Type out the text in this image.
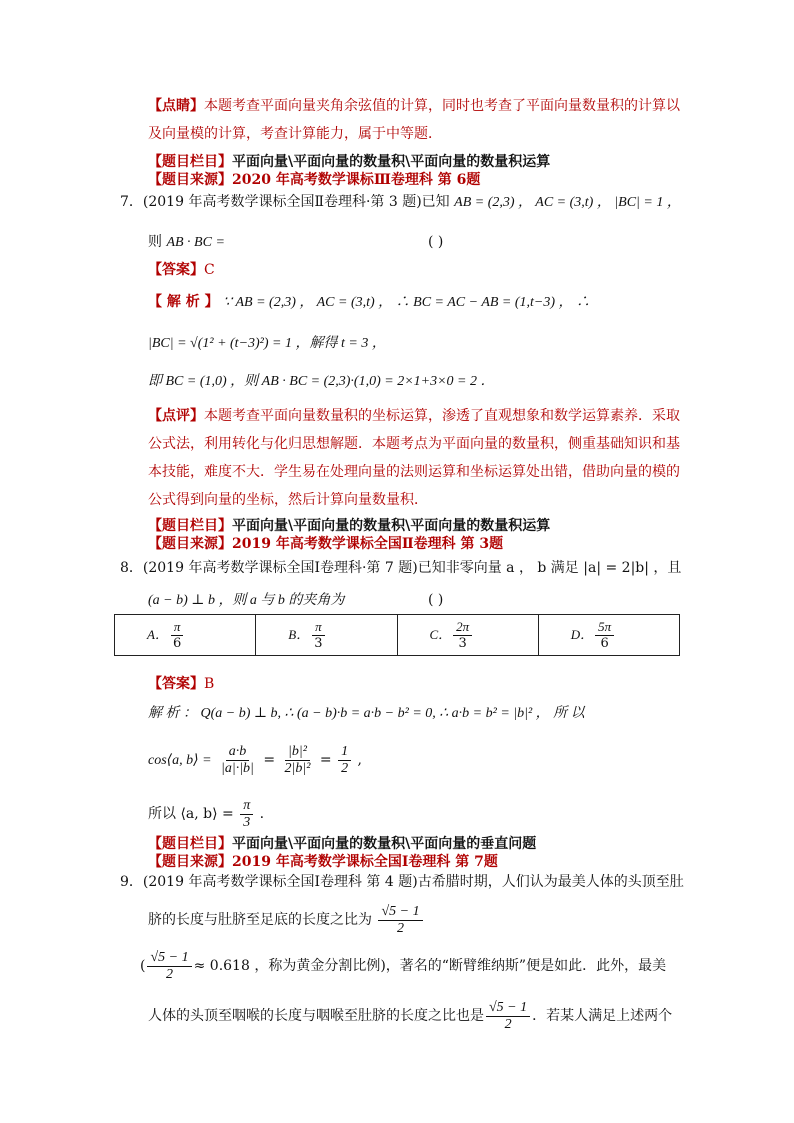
【点睛】本题考查平面向量夹角余弦值的计算，同时也考查了平面向量数量积的计算以
及向量模的计算，考查计算能力，属于中等题．
【题目栏目】平面向量\平面向量的数量积\平面向量的数量积运算
【题目来源】2020 年高考数学课标Ⅲ卷理科 第 6题
7．(2019 年高考数学课标全国Ⅱ卷理科·第 3 题)已知 AB = (2,3) ， AC = (3,t) ， |BC| = 1 ，
则 AB · BC =	( )
【答案】C
【 解 析 】 ∵ AB = (2,3) ， AC = (3,t) ， ∴ BC = AC − AB = (1,t−3) ， ∴
|BC| = √(1² + (t−3)²) = 1 ，解得 t = 3 ，
即 BC = (1,0) ，则 AB · BC = (2,3)·(1,0) = 2×1+3×0 = 2 ．
【点评】本题考查平面向量数量积的坐标运算，渗透了直观想象和数学运算素养．采取
公式法，利用转化与化归思想解题．本题考点为平面向量的数量积，侧重基础知识和基
本技能，难度不大．学生易在处理向量的法则运算和坐标运算处出错，借助向量的模的
公式得到向量的坐标，然后计算向量数量积．
【题目栏目】平面向量\平面向量的数量积\平面向量的数量积运算
【题目来源】2019 年高考数学课标全国Ⅱ卷理科 第 3题
8．(2019 年高考数学课标全国Ⅰ卷理科·第 7 题)已知非零向量 a ， b 满足 |a| = 2|b| ，且
(a − b) ⊥ b ，则 a 与 b 的夹角为	( )
A． $\frac{\pi}{6}$	B． $\frac{\pi}{3}$	C． $\frac{2\pi}{3}$	D． $\frac{5\pi}{6}$
【答案】B
解 析 ： Q(a − b) ⊥ b, ∴ (a − b)·b = a·b − b² = 0, ∴ a·b = b² = |b|² ， 所 以
cos⟨a, b⟩ = $\frac{a\cdot b}{|a|\cdot|b|} = \frac{\text{|b|²}}{\text{2|b|²}} = \frac{1}{2}$ ,
所以 ⟨a, b⟩ = $\frac{\pi}{3}$ .
【题目栏目】平面向量\平面向量的数量积\平面向量的垂直问题
【题目来源】2019 年高考数学课标全国Ⅰ卷理科 第 7题
9．(2019 年高考数学课标全国Ⅰ卷理科 第 4 题)古希腊时期，人们认为最美人体的头顶至肚
脐的长度与肚脐至足底的长度之比为 $\frac{√5 - 1}{2}$
( $\frac{√5 - 1}{2} \approx 0.618$ ，称为黄金分割比例)，著名的“断臂维纳斯”便是如此．此外，最美
人体的头顶至咽喉的长度与咽喉至肚脐的长度之比也是 $\frac{√5 - 1}{2}$ ．若某人满足上述两个
